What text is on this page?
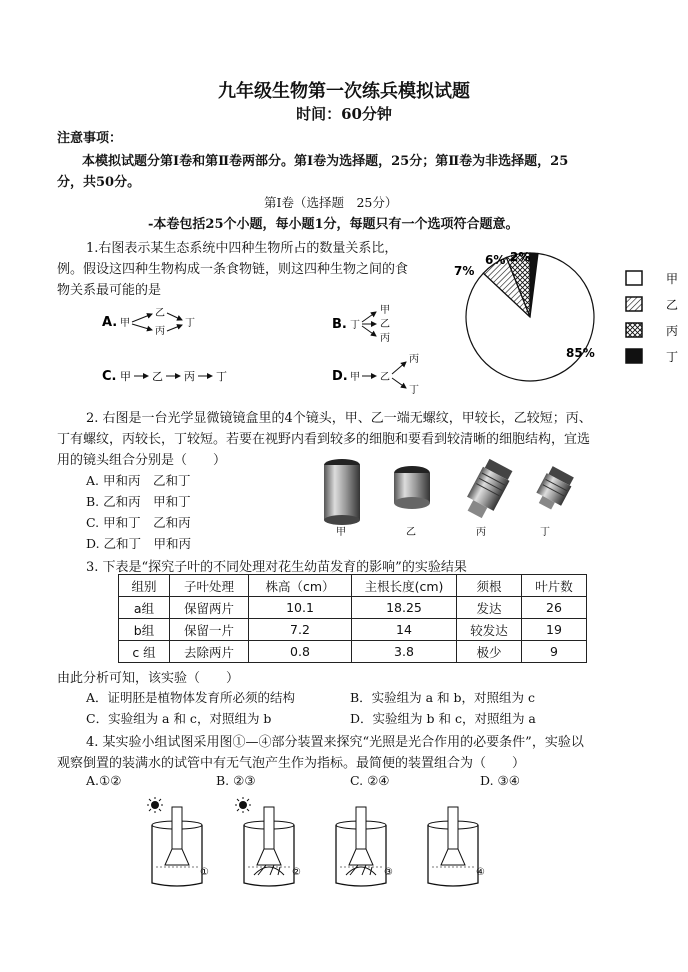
九年级生物第一次练兵模拟试题
时间：60分钟
注意事项：
本模拟试题分第Ⅰ卷和第Ⅱ卷两部分。第Ⅰ卷为选择题，25分；第Ⅱ卷为非选择题，25
分，共50分。
第Ⅰ卷（选择题　25分）
-本卷包括25个小题，每小题1分，每题只有一个选项符合题意。
1.右图表示某生态系统中四种生物所占的数量关系比，
例。假设这四种生物构成一条食物链，则这四种生物之间的食
物关系最可能的是
A. 甲
乙
丙
丁	B. 丁
甲
乙
丙
C. 甲 乙 丙 丁	D. 甲 乙
丙
丁
2%
6%
7%
85%
甲
乙
丙
丁
2. 右图是一台光学显微镜镜盒里的4个镜头，甲、乙一端无螺纹，甲较长，乙较短；丙、
丁有螺纹，丙较长，丁较短。若要在视野内看到较多的细胞和要看到较清晰的细胞结构，宜选
用的镜头组合分别是（　　）
A. 甲和丙　乙和丁
B. 乙和丙　甲和丁
C. 甲和丁　乙和丙
D. 乙和丁　甲和丙
甲	乙	丙	丁
3. 下表是“探究子叶的不同处理对花生幼苗发育的影响”的实验结果
组别	子叶处理	株高（cm）	主根长度(cm)	须根	叶片数
a组	保留两片	10.1	18.25	发达	26
b组	保留一片	7.2	14	较发达	19
c 组	去除两片	0.8	3.8	极少	9
由此分析可知，该实验（　　）
A．证明胚是植物体发育所必须的结构	B．实验组为 a 和 b，对照组为 c
C．实验组为 a 和 c，对照组为 b	D．实验组为 b 和 c，对照组为 a
4. 某实验小组试图采用图①—④部分装置来探究“光照是光合作用的必要条件”，实验以
观察倒置的装满水的试管中有无气泡产生作为指标。最简便的装置组合为（　　）
A.①②	B. ②③	C. ②④	D. ③④
①	②	③	④
